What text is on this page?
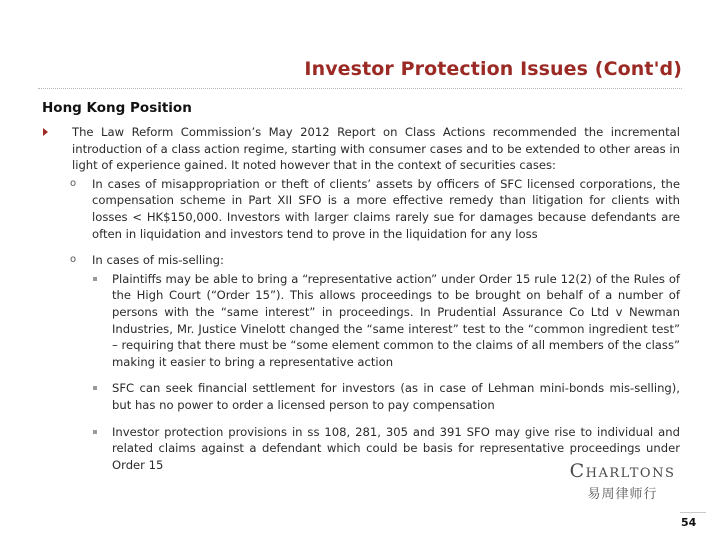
Investor Protection Issues (Cont'd)
Hong Kong Position
The Law Reform Commission’s May 2012 Report on Class Actions recommended the incremental introduction of a class action regime, starting with consumer cases and to be extended to other areas in light of experience gained. It noted however that in the context of securities cases:
o In cases of misappropriation or theft of clients’ assets by officers of SFC licensed corporations, the compensation scheme in Part XII SFO is a more effective remedy than litigation for clients with losses < HK$150,000. Investors with larger claims rarely sue for damages because defendants are often in liquidation and investors tend to prove in the liquidation for any loss
o In cases of mis-selling:
Plaintiffs may be able to bring a “representative action” under Order 15 rule 12(2) of the Rules of the High Court (“Order 15”). This allows proceedings to be brought on behalf of a number of persons with the “same interest” in proceedings. In Prudential Assurance Co Ltd v Newman Industries, Mr. Justice Vinelott changed the “same interest” test to the “common ingredient test” – requiring that there must be “some element common to the claims of all members of the class” making it easier to bring a representative action
SFC can seek financial settlement for investors (as in case of Lehman mini-bonds mis-selling), but has no power to order a licensed person to pay compensation
Investor protection provisions in ss 108, 281, 305 and 391 SFO may give rise to individual and related claims against a defendant which could be basis for representative proceedings under Order 15	Charltons
易周律师行
54
